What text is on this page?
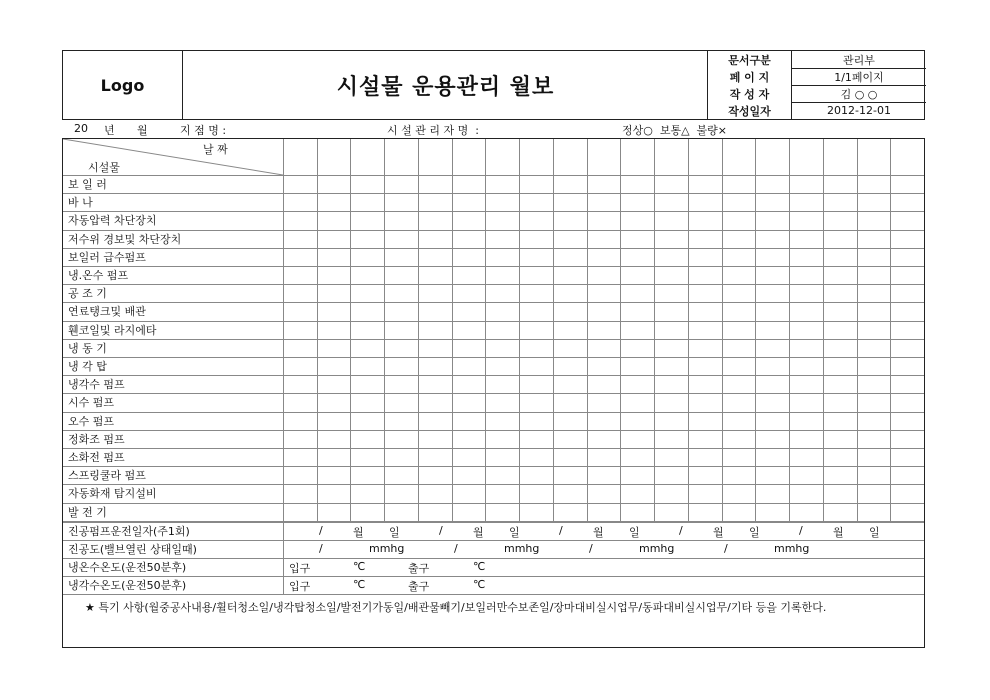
Logo	시설물 운용관리 월보
문서구분	관리부
페 이 지	1/1페이지
작 성 자	김 ○ ○
작성일자	2012-12-01
20 년 월	지 점 명 :	시 설 관 리 자 명  :	정상○  보통△  불량×
날 짜
시설물
보 일 러
바 나
자동압력 차단장치
저수위 경보및 차단장치
보일러 급수펌프
냉.온수 펌프
공 조 기
연료탱크및 배관
휀코일및 라지에타
냉 동 기
냉 각 탑
냉각수 펌프
시수 펌프
오수 펌프
정화조 펌프
소화전 펌프
스프링쿨라 펌프
자동화재 탐지설비
발 전 기
진공펌프운전일자(주1회)	/	월 일	/	월 일	/	월 일	/	월 일	/	월 일
진공도(밸브열린 상태일때)	/	mmhg	/	mmhg	/	mmhg	/	mmhg
냉온수온도(운전50분후)	입구	℃	출구	℃
냉각수온도(운전50분후)	입구	℃	출구	℃
★ 특기 사항(월중공사내용/휠터청소일/냉각탑청소일/발전기가동일/배관물빼기/보일러만수보존일/장마대비실시업무/동파대비실시업무/기타 등을 기록한다.
